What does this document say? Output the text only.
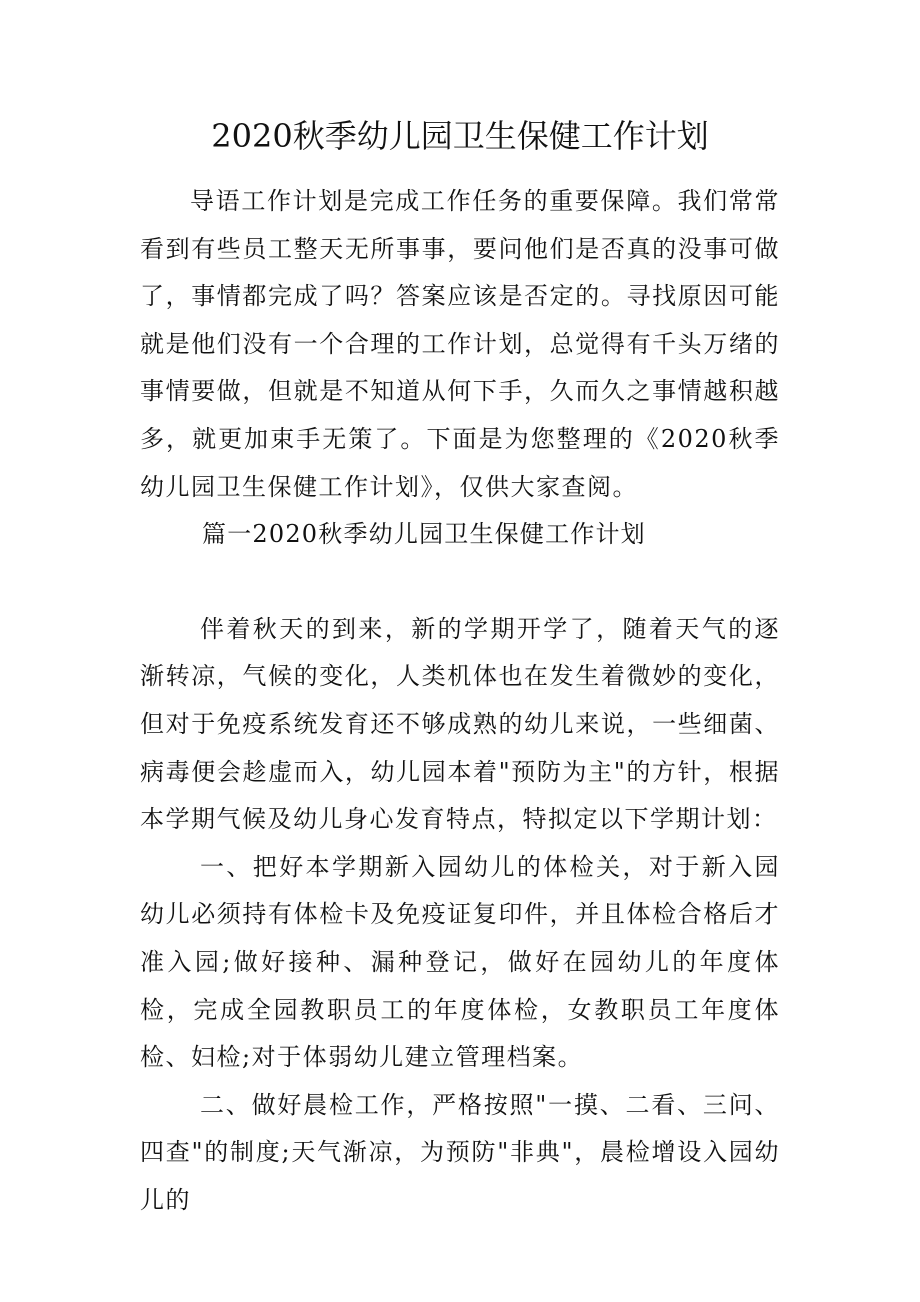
2020秋季幼儿园卫生保健工作计划

导语工作计划是完成工作任务的重要保障。我们常常看到有些员工整天无所事事，要问他们是否真的没事可做了，事情都完成了吗？答案应该是否定的。寻找原因可能就是他们没有一个合理的工作计划，总觉得有千头万绪的事情要做，但就是不知道从何下手，久而久之事情越积越多，就更加束手无策了。下面是为您整理的《2020秋季幼儿园卫生保健工作计划》，仅供大家查阅。

篇一2020秋季幼儿园卫生保健工作计划

伴着秋天的到来，新的学期开学了，随着天气的逐渐转凉，气候的变化，人类机体也在发生着微妙的变化，但对于免疫系统发育还不够成熟的幼儿来说，一些细菌、病毒便会趁虚而入，幼儿园本着"预防为主"的方针，根据本学期气候及幼儿身心发育特点，特拟定以下学期计划：

一、把好本学期新入园幼儿的体检关，对于新入园幼儿必须持有体检卡及免疫证复印件，并且体检合格后才准入园;做好接种、漏种登记，做好在园幼儿的年度体检，完成全园教职员工的年度体检，女教职员工年度体检、妇检;对于体弱幼儿建立管理档案。

二、做好晨检工作，严格按照"一摸、二看、三问、四查"的制度;天气渐凉，为预防"非典"，晨检增设入园幼儿的
